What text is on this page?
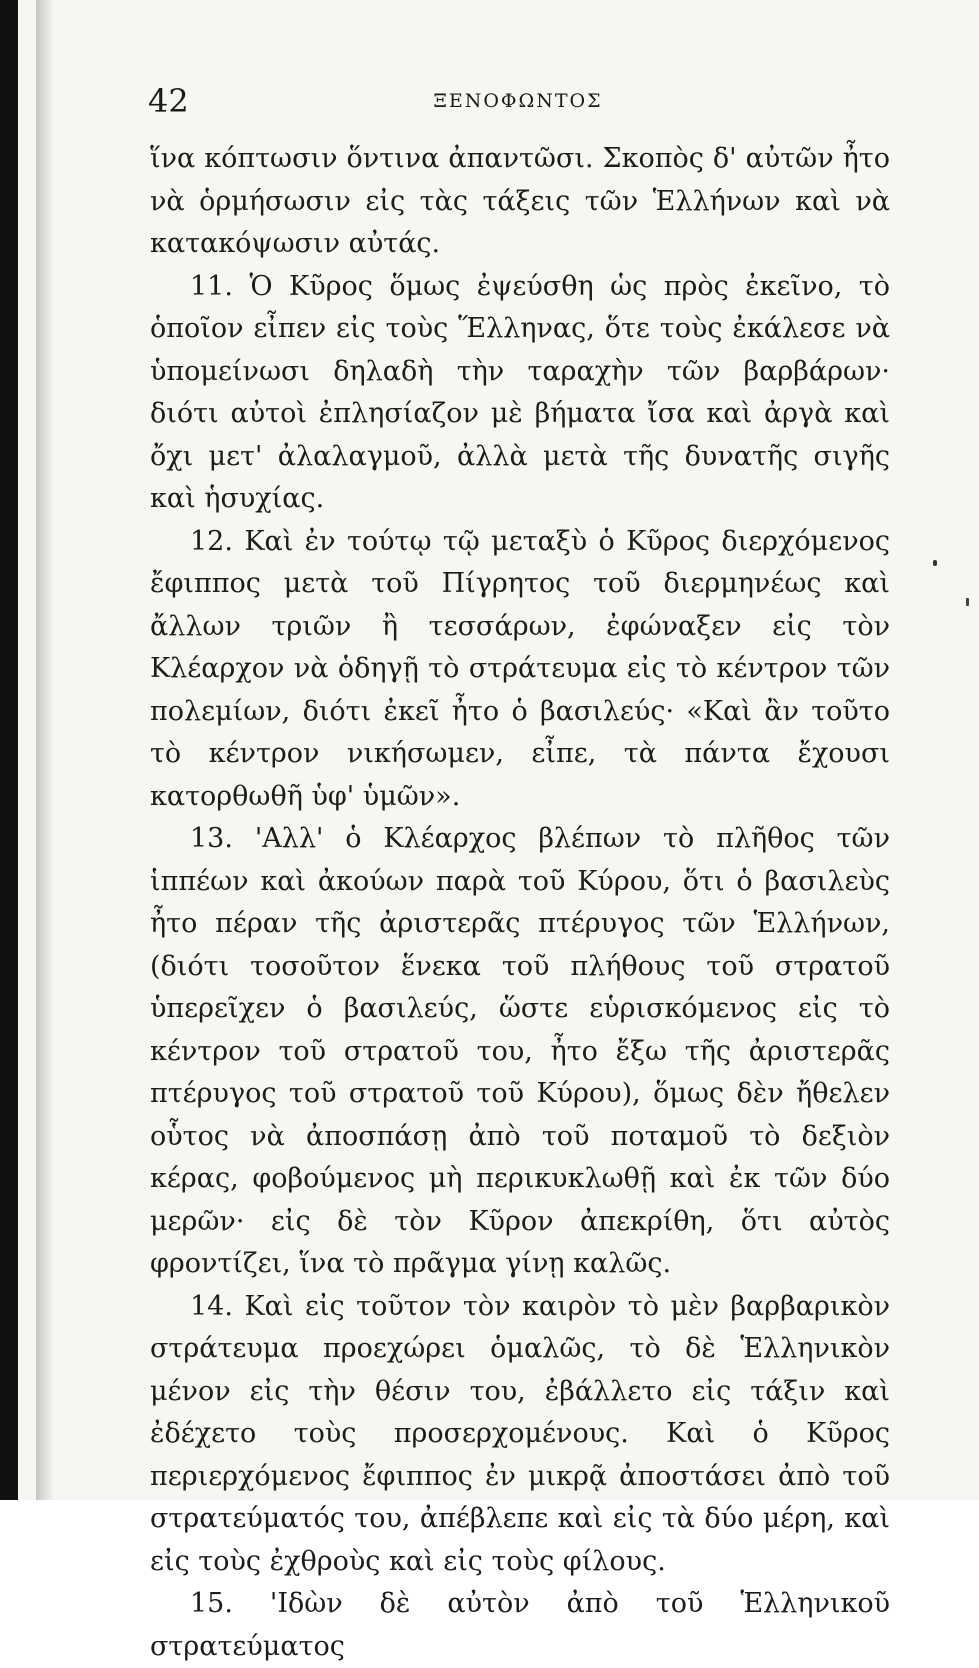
42	ΞΕΝΟΦΩΝΤΟΣ

ἵνα κόπτωσιν ὅντινα ἀπαντῶσι. Σκοπὸς δ' αὐτῶν ἦτο νὰ ὁρμήσωσιν εἰς τὰς τάξεις τῶν Ἑλλήνων καὶ νὰ κατακόψωσιν αὐτάς.

11. Ὁ Κῦρος ὅμως ἐψεύσθη ὡς πρὸς ἐκεῖνο, τὸ ὁποῖον εἶπεν εἰς τοὺς Ἕλληνας, ὅτε τοὺς ἐκάλεσε νὰ ὑπομείνωσι δηλαδὴ τὴν ταραχὴν τῶν βαρβάρων· διότι αὐτοὶ ἐπλησίαζον μὲ βήματα ἴσα καὶ ἀργὰ καὶ ὄχι μετ' ἀλαλαγμοῦ, ἀλλὰ μετὰ τῆς δυνατῆς σιγῆς καὶ ἡσυχίας.

12. Καὶ ἐν τούτῳ τῷ μεταξὺ ὁ Κῦρος διερχόμενος ἔφιππος μετὰ τοῦ Πίγρητος τοῦ διερμηνέως καὶ ἄλλων τριῶν ἢ τεσσάρων, ἐφώναξεν εἰς τὸν Κλέαρχον νὰ ὁδηγῇ τὸ στράτευμα εἰς τὸ κέντρον τῶν πολεμίων, διότι ἐκεῖ ἦτο ὁ βασιλεύς· «Καὶ ἂν τοῦτο τὸ κέντρον νικήσωμεν, εἶπε, τὰ πάντα ἔχουσι κατορθωθῆ ὑφ' ὑμῶν».

13. 'Αλλ' ὁ Κλέαρχος βλέπων τὸ πλῆθος τῶν ἱππέων καὶ ἀκούων παρὰ τοῦ Κύρου, ὅτι ὁ βασιλεὺς ἦτο πέραν τῆς ἀριστερᾶς πτέρυγος τῶν Ἑλλήνων, (διότι τοσοῦτον ἕνεκα τοῦ πλήθους τοῦ στρατοῦ ὑπερεῖχεν ὁ βασιλεύς, ὥστε εὑρισκόμενος εἰς τὸ κέντρον τοῦ στρατοῦ του, ἦτο ἔξω τῆς ἀριστερᾶς πτέρυγος τοῦ στρατοῦ τοῦ Κύρου), ὅμως δὲν ἤθελεν οὗτος νὰ ἀποσπάσῃ ἀπὸ τοῦ ποταμοῦ τὸ δεξιὸν κέρας, φοβούμενος μὴ περικυκλωθῇ καὶ ἐκ τῶν δύο μερῶν· εἰς δὲ τὸν Κῦρον ἀπεκρίθη, ὅτι αὐτὸς φροντίζει, ἵνα τὸ πρᾶγμα γίνῃ καλῶς.

14. Καὶ εἰς τοῦτον τὸν καιρὸν τὸ μὲν βαρβαρικὸν στράτευμα προεχώρει ὁμαλῶς, τὸ δὲ Ἑλληνικὸν μένον εἰς τὴν θέσιν του, ἐβάλλετο εἰς τάξιν καὶ ἐδέχετο τοὺς προσερχομένους. Καὶ ὁ Κῦρος περιερχόμενος ἔφιππος ἐν μικρᾷ ἀποστάσει ἀπὸ τοῦ στρατεύματός του, ἀπέβλεπε καὶ εἰς τὰ δύο μέρη, καὶ εἰς τοὺς ἐχθροὺς καὶ εἰς τοὺς φίλους.

15. 'Ιδὼν δὲ αὐτὸν ἀπὸ τοῦ Ἑλληνικοῦ στρατεύματος
